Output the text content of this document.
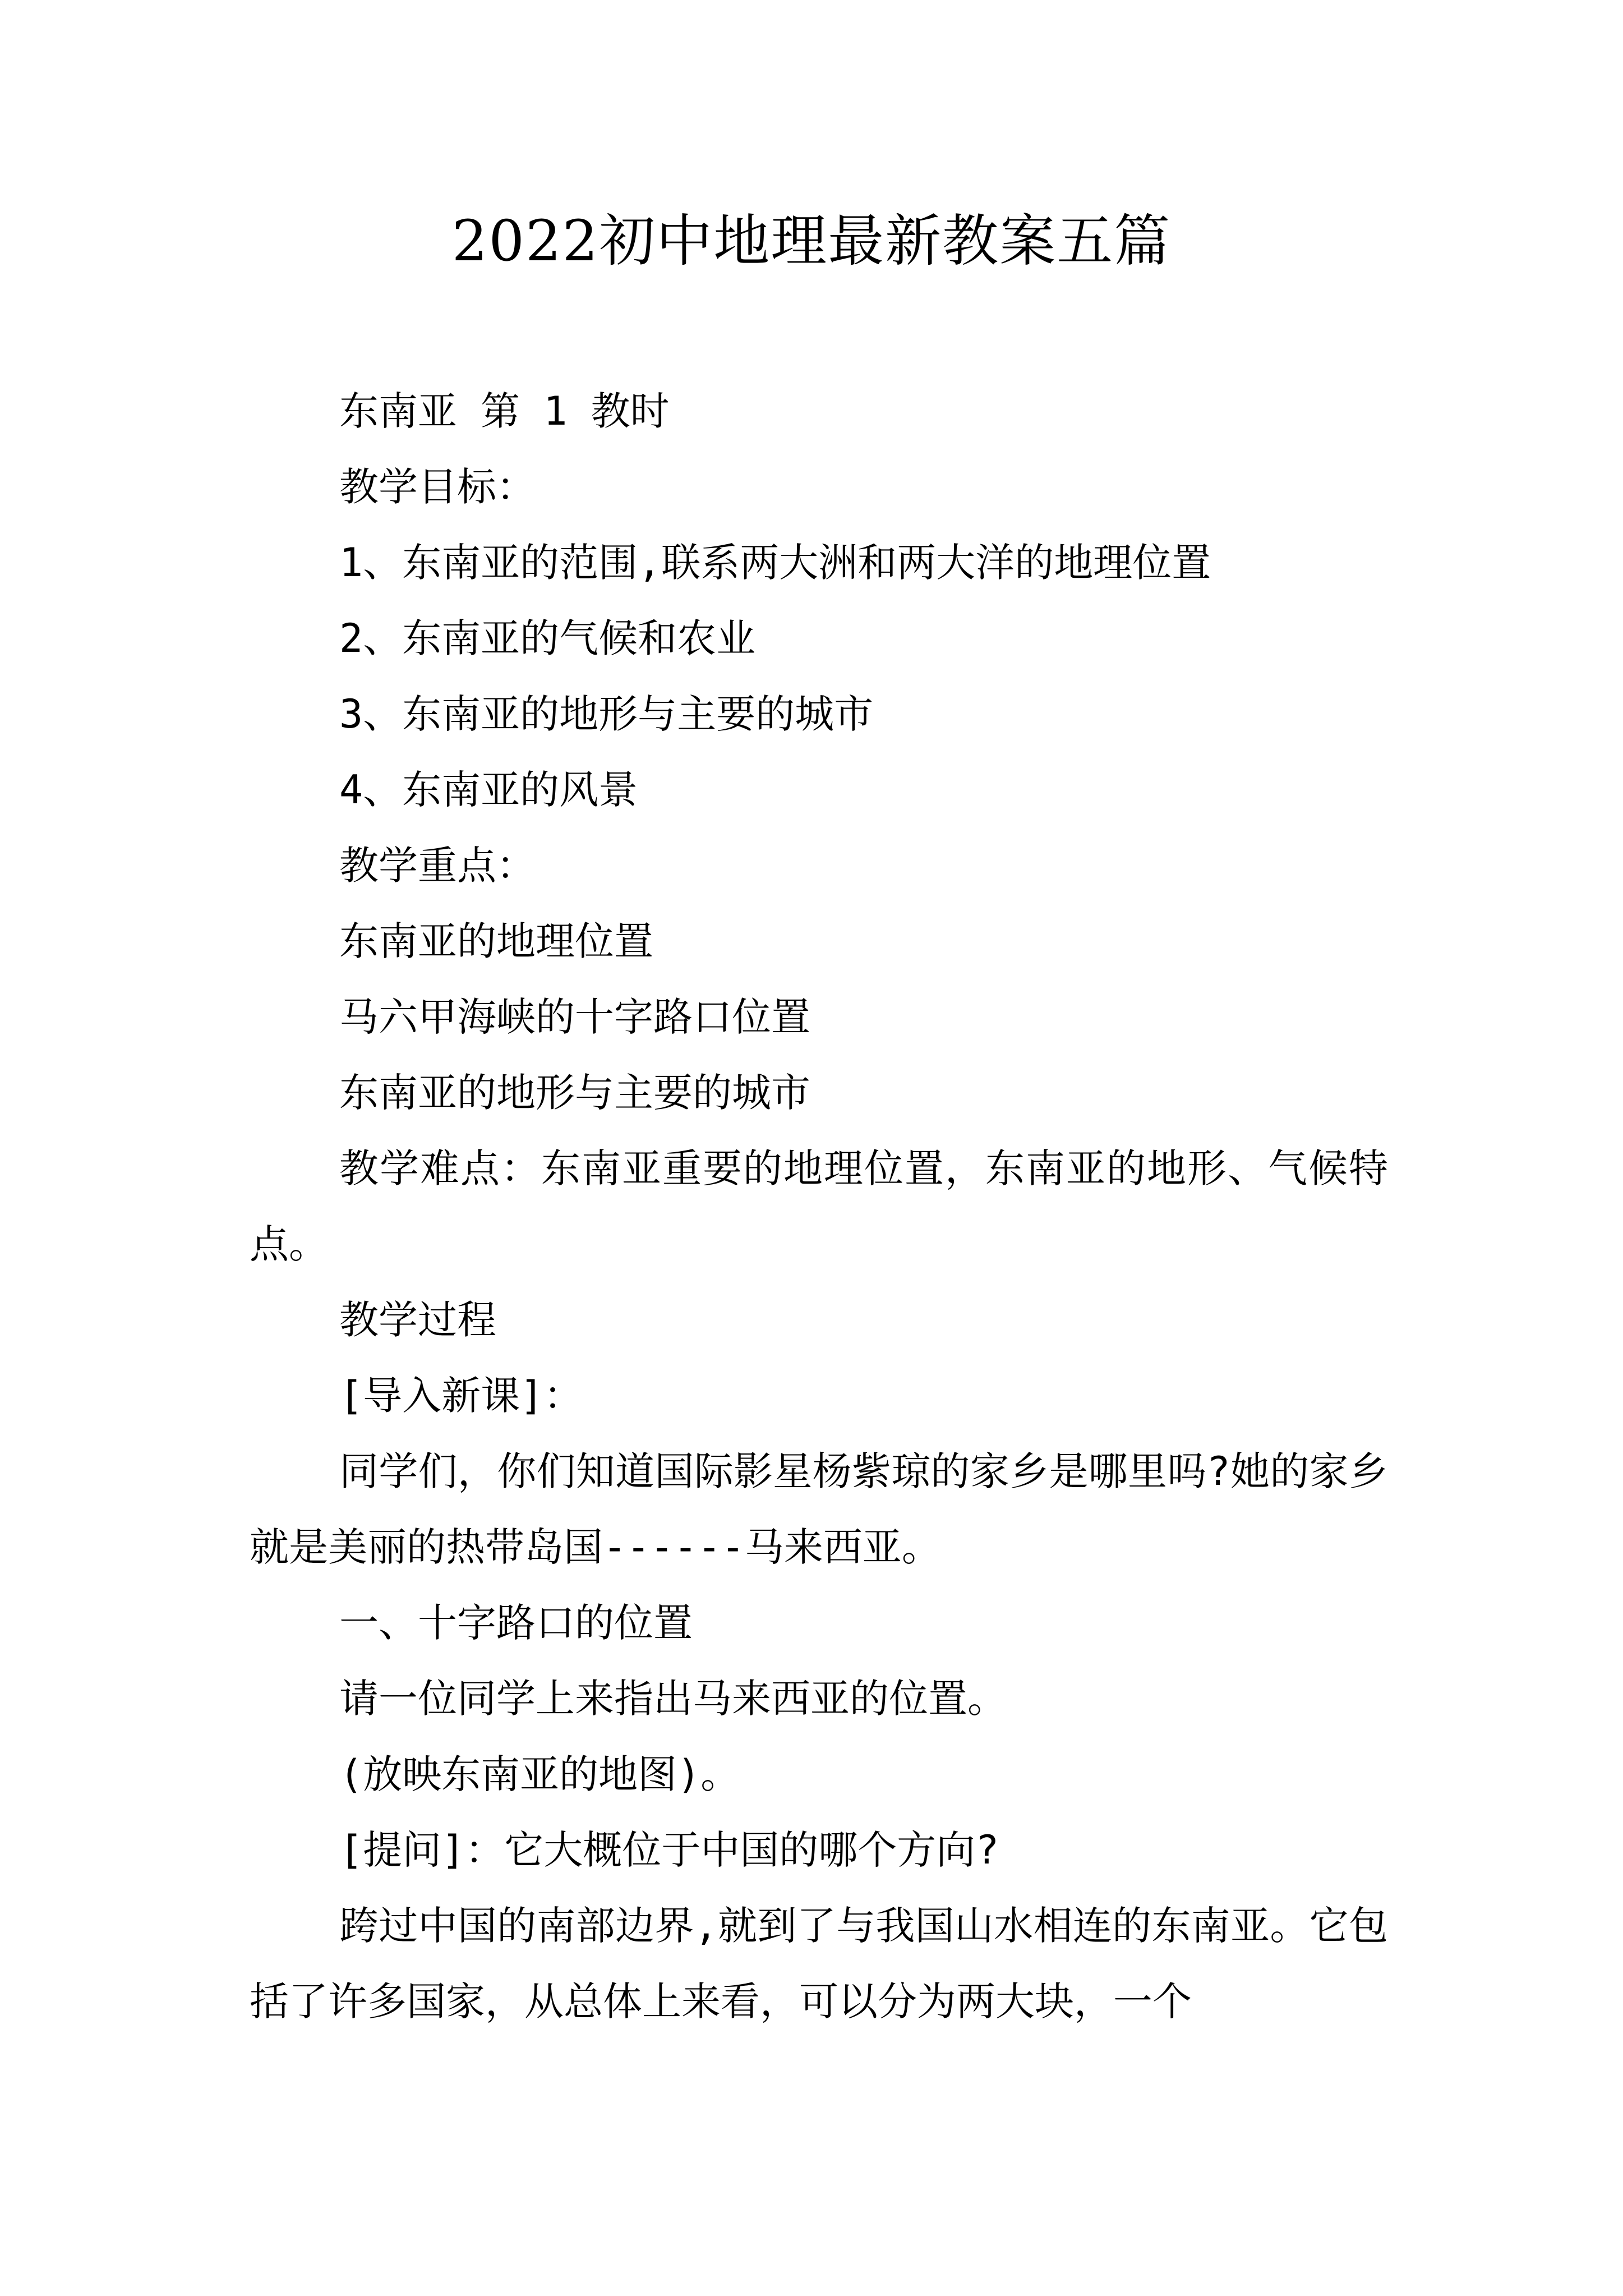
2022初中地理最新教案五篇

东南亚 第 1 教时

教学目标：

1、东南亚的范围,联系两大洲和两大洋的地理位置

2、东南亚的气候和农业

3、东南亚的地形与主要的城市

4、东南亚的风景

教学重点：

东南亚的地理位置

马六甲海峡的十字路口位置

东南亚的地形与主要的城市

教学难点：东南亚重要的地理位置，东南亚的地形、气候特点。

教学过程

[导入新课]：

同学们，你们知道国际影星杨紫琼的家乡是哪里吗?她的家乡就是美丽的热带岛国------马来西亚。

一、十字路口的位置

请一位同学上来指出马来西亚的位置。

(放映东南亚的地图)。

[提问]：它大概位于中国的哪个方向?

跨过中国的南部边界,就到了与我国山水相连的东南亚。它包括了许多国家，从总体上来看，可以分为两大块，一个
